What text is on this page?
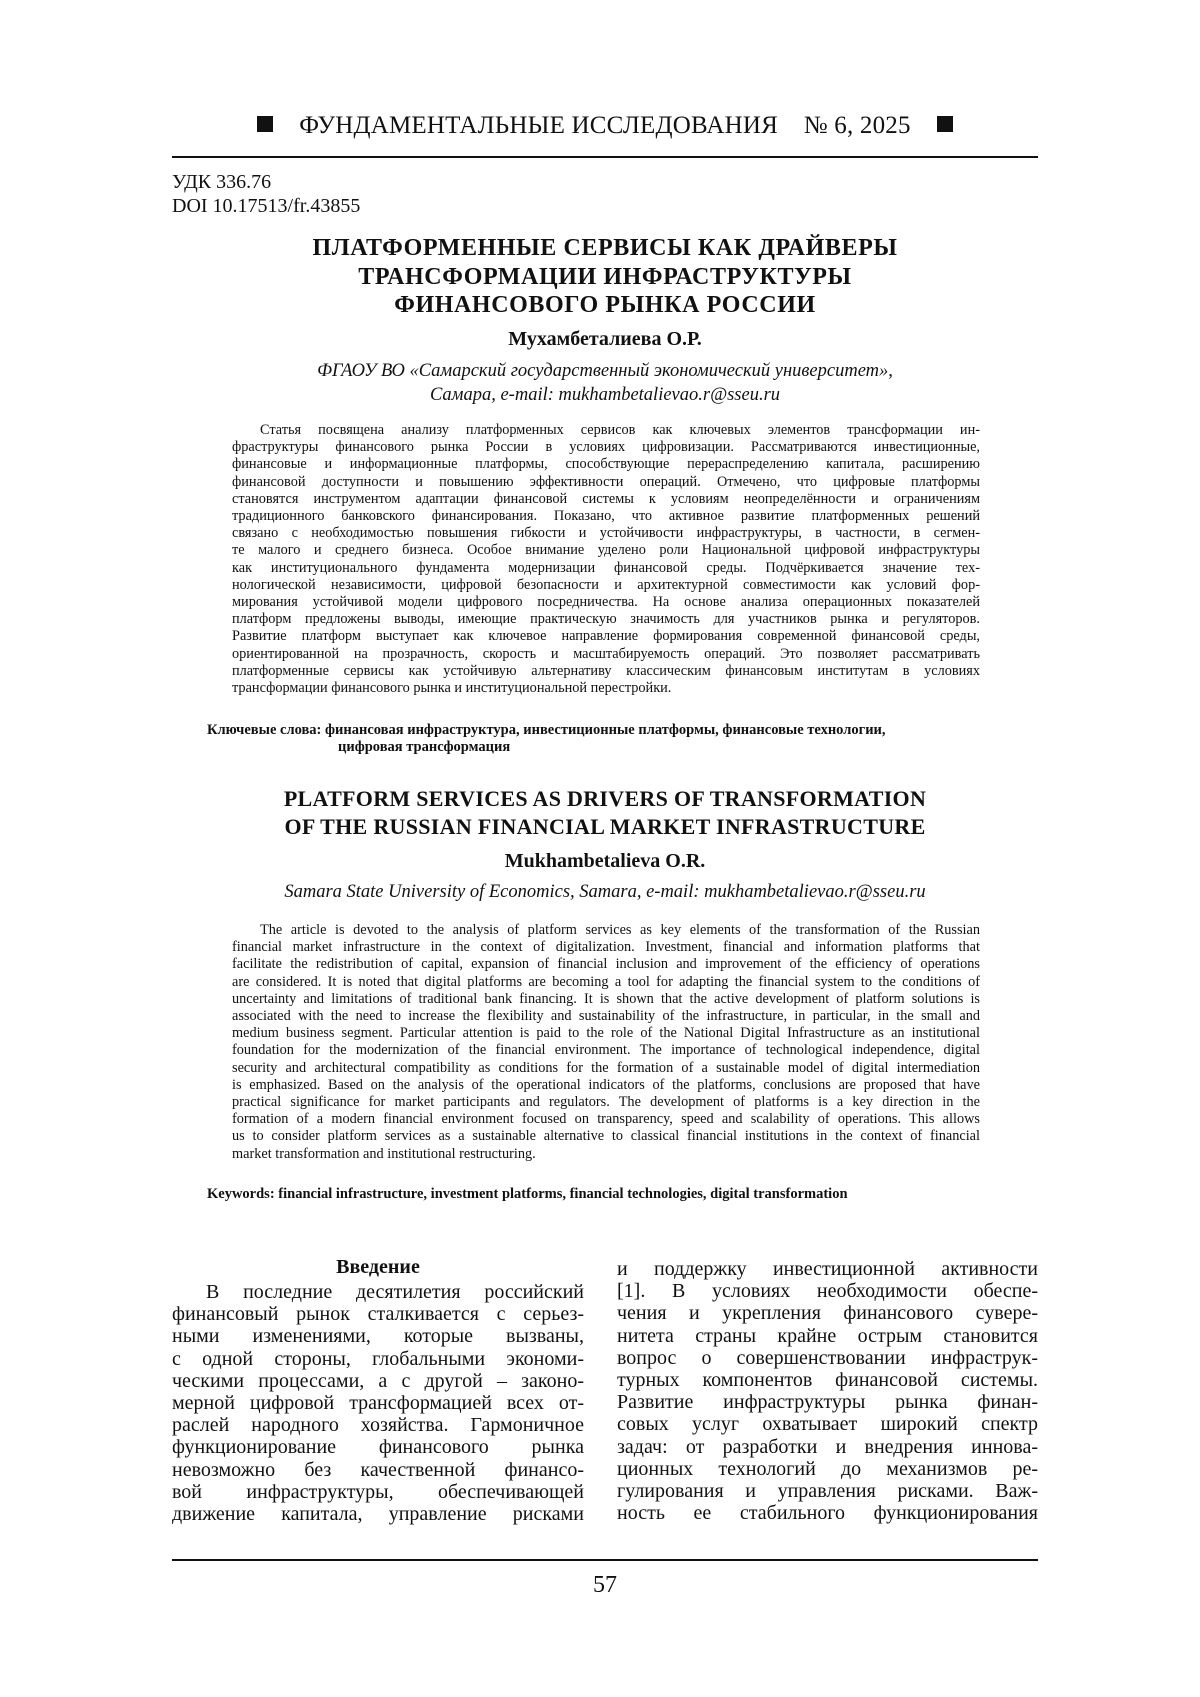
ФУНДАМЕНТАЛЬНЫЕ ИССЛЕДОВАНИЯ № 6, 2025
УДК 336.76
DOI 10.17513/fr.43855
ПЛАТФОРМЕННЫЕ СЕРВИСЫ КАК ДРАЙВЕРЫ
ТРАНСФОРМАЦИИ ИНФРАСТРУКТУРЫ
ФИНАНСОВОГО РЫНКА РОССИИ
Мухамбеталиева О.Р.
ФГАОУ ВО «Самарский государственный экономический университет»,
Самара, e-mail: mukhambetalievao.r@sseu.ru
Статья посвящена анализу платформенных сервисов как ключевых элементов трансформации ин-
фраструктуры финансового рынка России в условиях цифровизации. Рассматриваются инвестиционные,
финансовые и информационные платформы, способствующие перераспределению капитала, расширению
финансовой доступности и повышению эффективности операций. Отмечено, что цифровые платформы
становятся инструментом адаптации финансовой системы к условиям неопределённости и ограничениям
традиционного банковского финансирования. Показано, что активное развитие платформенных решений
связано с необходимостью повышения гибкости и устойчивости инфраструктуры, в частности, в сегмен-
те малого и среднего бизнеса. Особое внимание уделено роли Национальной цифровой инфраструктуры
как институционального фундамента модернизации финансовой среды. Подчёркивается значение тех-
нологической независимости, цифровой безопасности и архитектурной совместимости как условий фор-
мирования устойчивой модели цифрового посредничества. На основе анализа операционных показателей
платформ предложены выводы, имеющие практическую значимость для участников рынка и регуляторов.
Развитие платформ выступает как ключевое направление формирования современной финансовой среды,
ориентированной на прозрачность, скорость и масштабируемость операций. Это позволяет рассматривать
платформенные сервисы как устойчивую альтернативу классическим финансовым институтам в условиях
трансформации финансового рынка и институциональной перестройки.
Ключевые слова: финансовая инфраструктура, инвестиционные платформы, финансовые технологии,
цифровая трансформация
PLATFORM SERVICES AS DRIVERS OF TRANSFORMATION
OF THE RUSSIAN FINANCIAL MARKET INFRASTRUCTURE
Mukhambetalieva O.R.
Samara State University of Economics, Samara, e-mail: mukhambetalievao.r@sseu.ru
The article is devoted to the analysis of platform services as key elements of the transformation of the Russian
financial market infrastructure in the context of digitalization. Investment, financial and information platforms that
facilitate the redistribution of capital, expansion of financial inclusion and improvement of the efficiency of operations
are considered. It is noted that digital platforms are becoming a tool for adapting the financial system to the conditions of
uncertainty and limitations of traditional bank financing. It is shown that the active development of platform solutions is
associated with the need to increase the flexibility and sustainability of the infrastructure, in particular, in the small and
medium business segment. Particular attention is paid to the role of the National Digital Infrastructure as an institutional
foundation for the modernization of the financial environment. The importance of technological independence, digital
security and architectural compatibility as conditions for the formation of a sustainable model of digital intermediation
is emphasized. Based on the analysis of the operational indicators of the platforms, conclusions are proposed that have
practical significance for market participants and regulators. The development of platforms is a key direction in the
formation of a modern financial environment focused on transparency, speed and scalability of operations. This allows
us to consider platform services as a sustainable alternative to classical financial institutions in the context of financial
market transformation and institutional restructuring.
Keywords: financial infrastructure, investment platforms, financial technologies, digital transformation
Введение
В последние десятилетия российский
финансовый рынок сталкивается с серьез-
ными изменениями, которые вызваны,
с одной стороны, глобальными экономи-
ческими процессами, а с другой – законо-
мерной цифровой трансформацией всех от-
раслей народного хозяйства. Гармоничное
функционирование финансового рынка
невозможно без качественной финансо-
вой инфраструктуры, обеспечивающей
движение капитала, управление рисками
и поддержку инвестиционной активности
[1]. В условиях необходимости обеспе-
чения и укрепления финансового сувере-
нитета страны крайне острым становится
вопрос о совершенствовании инфраструк-
турных компонентов финансовой системы.
Развитие инфраструктуры рынка финан-
совых услуг охватывает широкий спектр
задач: от разработки и внедрения иннова-
ционных технологий до механизмов ре-
гулирования и управления рисками. Важ-
ность ее стабильного функционирования
57
